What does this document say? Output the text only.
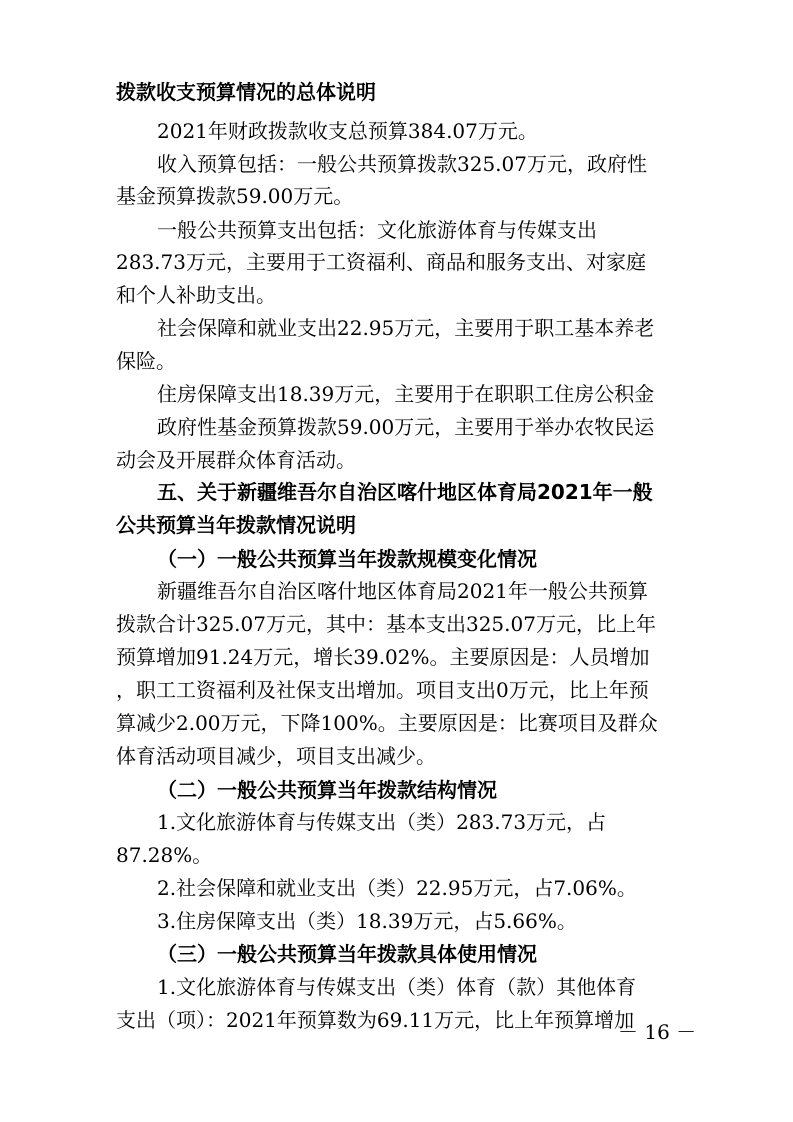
拨款收支预算情况的总体说明
2021年财政拨款收支总预算384.07万元。
收入预算包括：一般公共预算拨款325.07万元，政府性
基金预算拨款59.00万元。
一般公共预算支出包括：文化旅游体育与传媒支出
283.73万元，主要用于工资福利、商品和服务支出、对家庭
和个人补助支出。
社会保障和就业支出22.95万元，主要用于职工基本养老
保险。
住房保障支出18.39万元，主要用于在职职工住房公积金
政府性基金预算拨款59.00万元，主要用于举办农牧民运
动会及开展群众体育活动。
五、关于新疆维吾尔自治区喀什地区体育局2021年一般
公共预算当年拨款情况说明
（一）一般公共预算当年拨款规模变化情况
新疆维吾尔自治区喀什地区体育局2021年一般公共预算
拨款合计325.07万元，其中：基本支出325.07万元，比上年
预算增加91.24万元，增长39.02%。主要原因是：人员增加
，职工工资福利及社保支出增加。项目支出0万元，比上年预
算减少2.00万元，下降100%。主要原因是：比赛项目及群众
体育活动项目减少，项目支出减少。
（二）一般公共预算当年拨款结构情况
1.文化旅游体育与传媒支出（类）283.73万元，占
87.28%。
2.社会保障和就业支出（类）22.95万元，占7.06%。
3.住房保障支出（类）18.39万元，占5.66%。
（三）一般公共预算当年拨款具体使用情况
1.文化旅游体育与传媒支出（类）体育（款）其他体育
支出（项）：2021年预算数为69.11万元，比上年预算增加
－ 16 －
